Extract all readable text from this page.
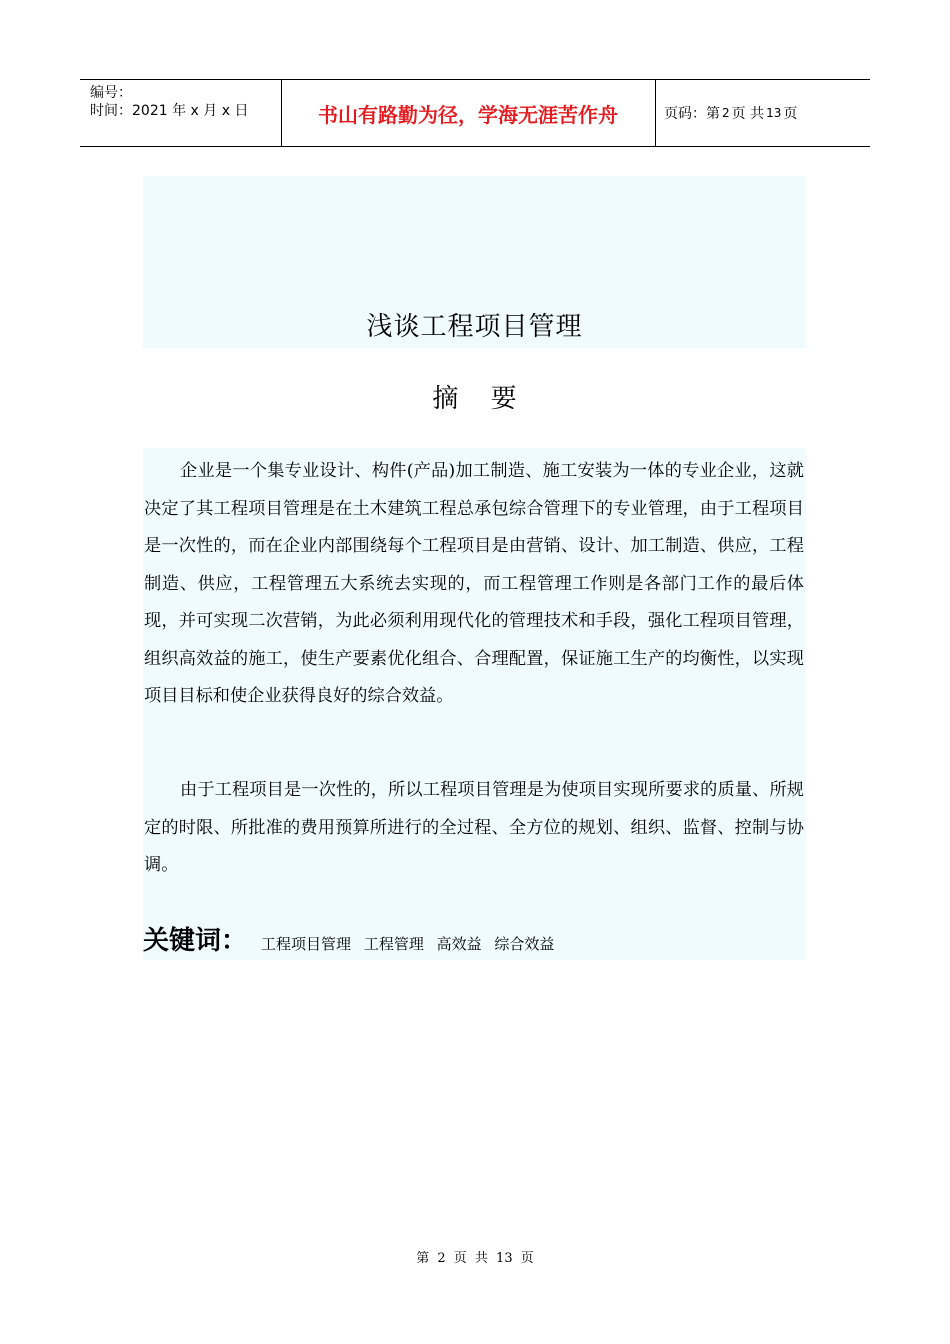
编号：
时间：2021 年 x 月 x 日	书山有路勤为径，学海无涯苦作舟	页码：第 2 页 共 13 页
浅谈工程项目管理
摘 要

企业是一个集专业设计、构件(产品)加工制造、施工安装为一体的专业企业，这就决定了其工程项目管理是在土木建筑工程总承包综合管理下的专业管理，由于工程项目是一次性的，而在企业内部围绕每个工程项目是由营销、设计、加工制造、供应，工程制造、供应，工程管理五大系统去实现的，而工程管理工作则是各部门工作的最后体现，并可实现二次营销，为此必须利用现代化的管理技术和手段，强化工程项目管理，组织高效益的施工，使生产要素优化组合、合理配置，保证施工生产的均衡性，以实现项目目标和使企业获得良好的综合效益。

由于工程项目是一次性的，所以工程项目管理是为使项目实现所要求的质量、所规定的时限、所批准的费用预算所进行的全过程、全方位的规划、组织、监督、控制与协调。

关键词： 工程项目管理 工程管理 高效益 综合效益
第 2 页 共 13 页
